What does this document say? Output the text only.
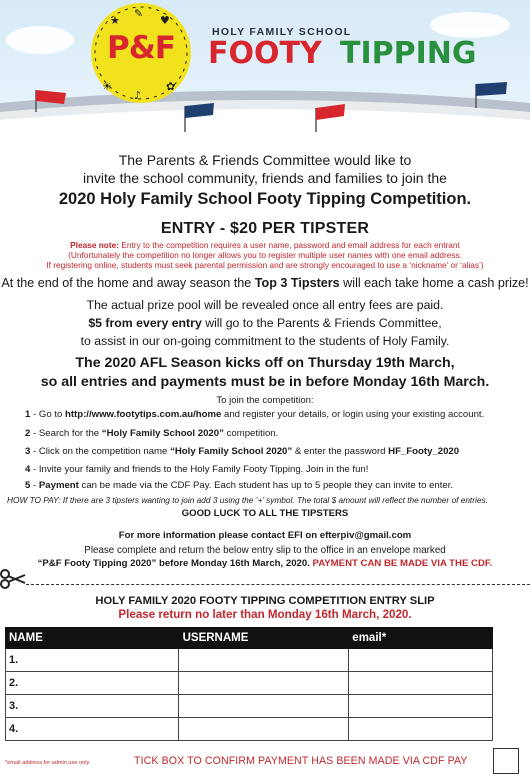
★
✎
♥
☀
♪
✿
P&F	HOLY FAMILY SCHOOL
FOOTY TIPPING
The Parents & Friends Committee would like to
invite the school community, friends and families to join the
2020 Holy Family School Footy Tipping Competition.
ENTRY - $20 PER TIPSTER
Please note: Entry to the competition requires a user name, password and email address for each entrant
(Unfortunately the competition no longer allows you to register multiple user names with one email address.
If registering online, students must seek parental permission and are strongly encouraged to use a ‘nickname’ or ‘alias’)
At the end of the home and away season the Top 3 Tipsters will each take home a cash prize!
The actual prize pool will be revealed once all entry fees are paid.
$5 from every entry will go to the Parents & Friends Committee,
to assist in our on-going commitment to the students of Holy Family.
The 2020 AFL Season kicks off on Thursday 19th March,
so all entries and payments must be in before Monday 16th March.
To join the competition:
1 - Go to http://www.footytips.com.au/home and register your details, or login using your existing account.
2 - Search for the “Holy Family School 2020” competition.
3 - Click on the competition name “Holy Family School 2020” & enter the password HF_Footy_2020
4 - Invite your family and friends to the Holy Family Footy Tipping. Join in the fun!
5 - Payment can be made via the CDF Pay. Each student has up to 5 people they can invite to enter.
HOW TO PAY: If there are 3 tipsters wanting to join add 3 using the ‘+’ symbol. The total $ amount will reflect the number of entries.
GOOD LUCK TO ALL THE TIPSTERS
For more information please contact EFI on efterpiv@gmail.com
Please complete and return the below entry slip to the office in an envelope marked
“P&F Footy Tipping 2020” before Monday 16th March, 2020. PAYMENT CAN BE MADE VIA THE CDF.
HOLY FAMILY 2020 FOOTY TIPPING COMPETITION ENTRY SLIP
Please return no later than Monday 16th March, 2020.
NAME	USERNAME	email*
1.		
2.		
3.		
4.		
*email address for admin use only.	TICK BOX TO CONFIRM PAYMENT HAS BEEN MADE VIA CDF PAY
